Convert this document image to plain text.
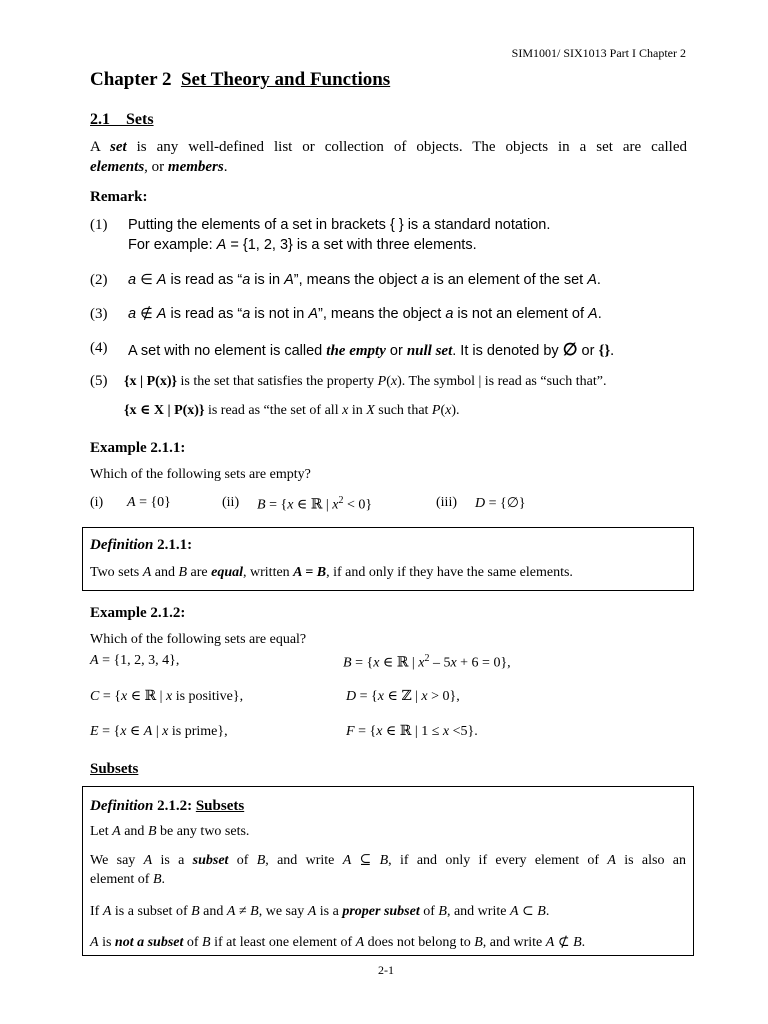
SIM1001/ SIX1013 Part I Chapter 2
Chapter 2 Set Theory and Functions
2.1 Sets
A set is any well-defined list or collection of objects. The objects in a set are called
elements, or members.
Remark:
(1) Putting the elements of a set in brackets { } is a standard notation.
For example: A = {1, 2, 3} is a set with three elements.
(2) a ∈ A is read as “a is in A”, means the object a is an element of the set A.
(3) a ∉ A is read as “a is not in A”, means the object a is not an element of A.
(4) A set with no element is called the empty or null set. It is denoted by ∅ or {}.
(5) {x | P(x)} is the set that satisfies the property P(x). The symbol | is read as “such that”.
{x ∈ X | P(x)} is read as “the set of all x in X such that P(x).
Example 2.1.1:
Which of the following sets are empty?
(i) A = {0}	(ii) B = {x ∈ ℝ | $x^2 < 0$}	(iii) D = {∅}
Definition 2.1.1:
Two sets A and B are equal, written A = B, if and only if they have the same elements.
Example 2.1.2:
Which of the following sets are equal?
A = {1, 2, 3, 4},	B = {x ∈ ℝ | $x^2 - 5x + 6 = 0$},
C = {x ∈ ℝ | x is positive},	D = {x ∈ ℤ | x > 0},
E = {x ∈ A | x is prime},	F = {x ∈ ℝ | 1 ≤ x <5}.
Subsets
Definition 2.1.2: Subsets
Let A and B be any two sets.
We say A is a subset of B, and write A ⊆ B, if and only if every element of A is also an
element of B.
If A is a subset of B and A ≠ B, we say A is a proper subset of B, and write A ⊂ B.
A is not a subset of B if at least one element of A does not belong to B, and write A ⊄ B.
2-1
